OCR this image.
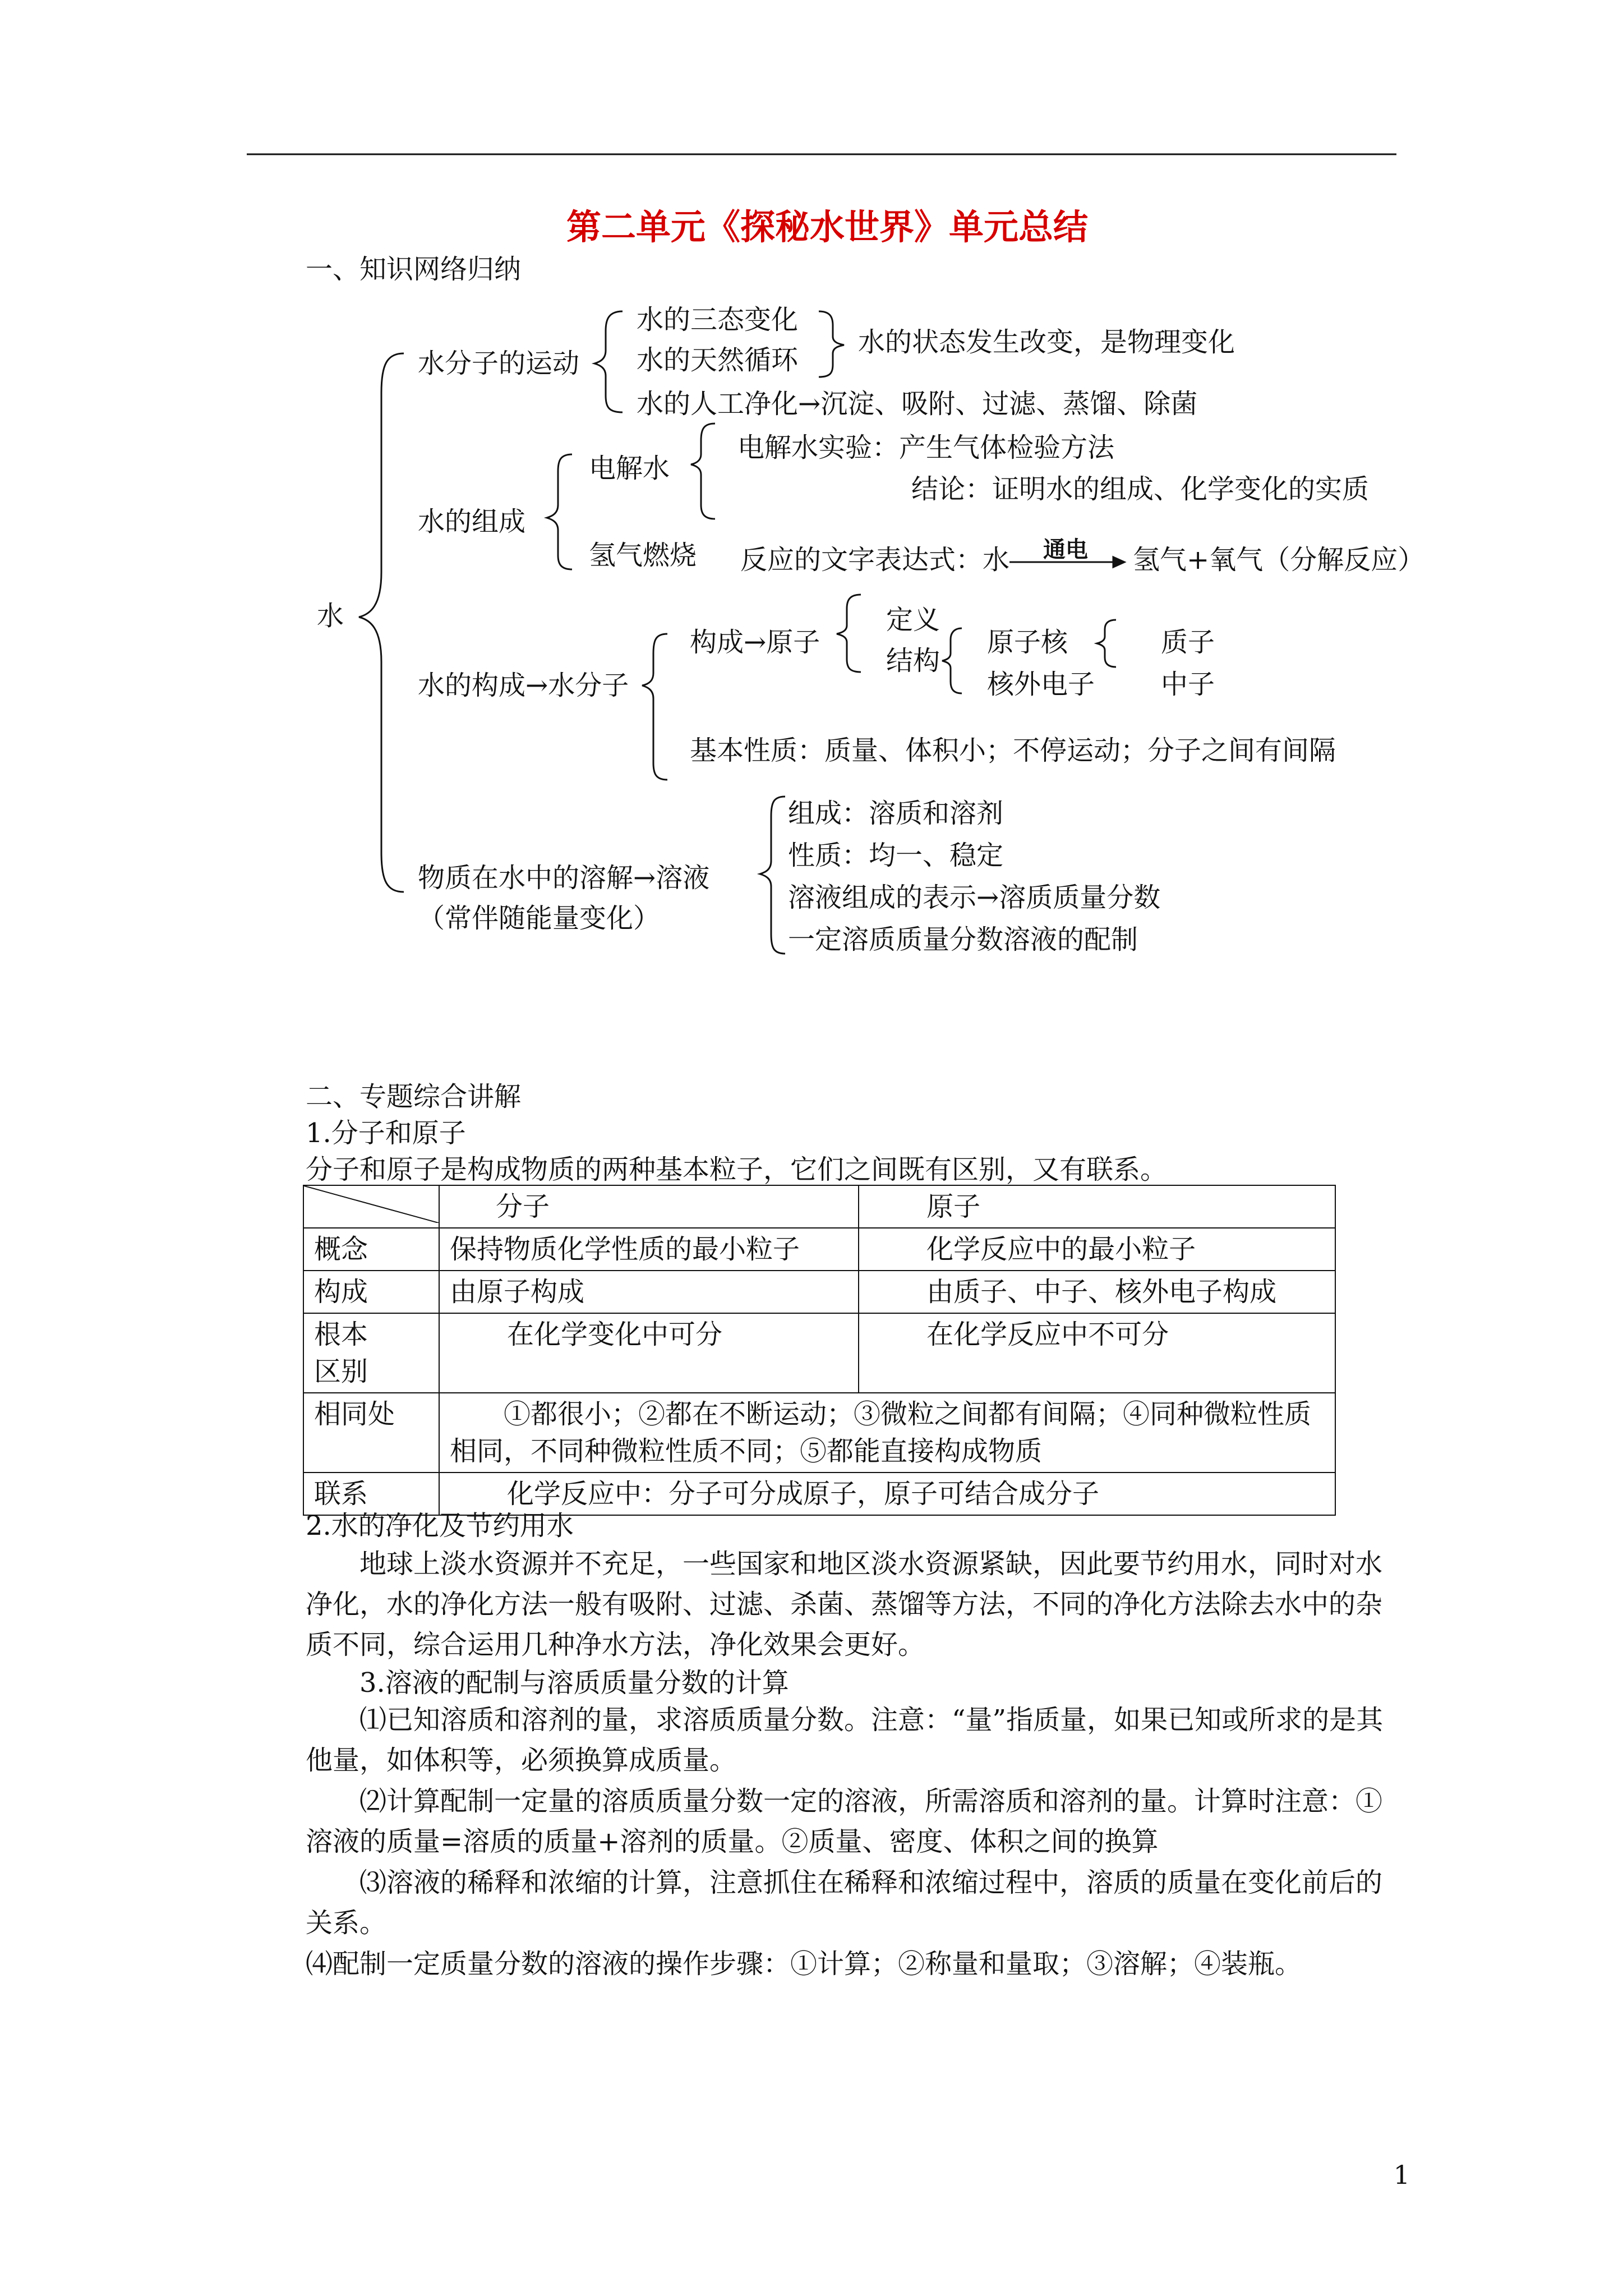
第二单元《探秘水世界》单元总结
一、知识网络归纳
水
水分子的运动
水的三态变化
水的天然循环
水的状态发生改变，是物理变化
水的人工净化→沉淀、吸附、过滤、蒸馏、除菌
水的组成
电解水
电解水实验：产生气体检验方法
结论：证明水的组成、化学变化的实质
氢气燃烧 反应的文字表达式：水 通电 氢气+氧气（分解反应）
水的构成→水分子
构成→原子
定义
结构
原子核
核外电子
质子
中子
基本性质：质量、体积小；不停运动；分子之间有间隔
物质在水中的溶解→溶液
（常伴随能量变化）
组成：溶质和溶剂
性质：均一、稳定
溶液组成的表示→溶质质量分数
一定溶质质量分数溶液的配制
二、专题综合讲解
1.分子和原子
分子和原子是构成物质的两种基本粒子，它们之间既有区别，又有联系。
	分子	原子
概念	保持物质化学性质的最小粒子	化学反应中的最小粒子
构成	由原子构成	由质子、中子、核外电子构成

根本
区别	在化学变化中可分	在化学反应中不可分
相同处	①都很小；②都在不断运动；③微粒之间都有间隔；④同种微粒性质相同，不同种微粒性质不同；⑤都能直接构成物质	
联系	化学反应中：分子可分成原子，原子可结合成分子	
2.水的净化及节约用水
地球上淡水资源并不充足，一些国家和地区淡水资源紧缺，因此要节约用水，同时对水净化，水的净化方法一般有吸附、过滤、杀菌、蒸馏等方法，不同的净化方法除去水中的杂质不同，综合运用几种净水方法，净化效果会更好。
3.溶液的配制与溶质质量分数的计算
⑴已知溶质和溶剂的量，求溶质质量分数。注意：“量”指质量，如果已知或所求的是其他量，如体积等，必须换算成质量。
⑵计算配制一定量的溶质质量分数一定的溶液，所需溶质和溶剂的量。计算时注意：①溶液的质量=溶质的质量+溶剂的质量。②质量、密度、体积之间的换算
⑶溶液的稀释和浓缩的计算，注意抓住在稀释和浓缩过程中，溶质的质量在变化前后的关系。
⑷配制一定质量分数的溶液的操作步骤：①计算；②称量和量取；③溶解；④装瓶。
1
